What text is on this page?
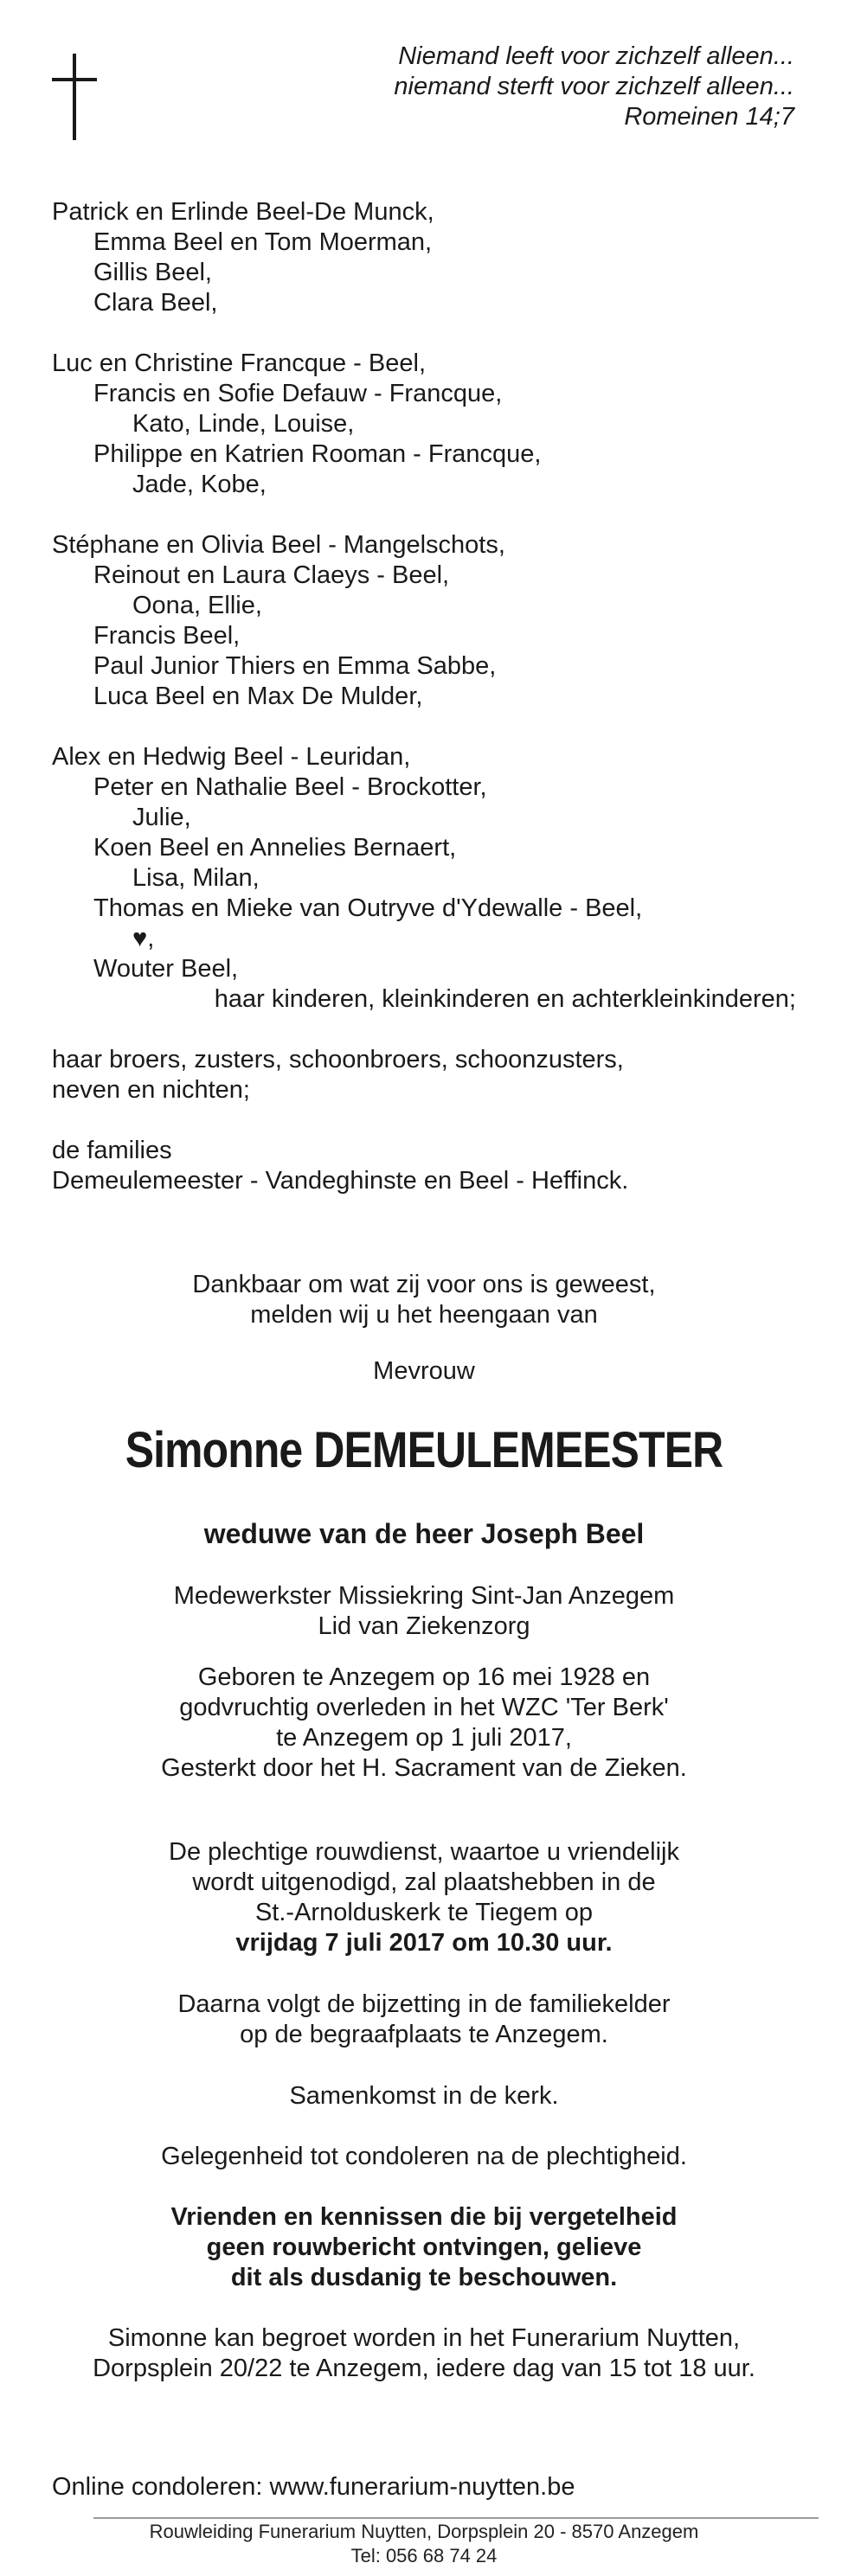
Niemand leeft voor zichzelf alleen...
niemand sterft voor zichzelf alleen...
Romeinen 14;7

Patrick en Erlinde Beel-De Munck,

Emma Beel en Tom Moerman,

Gillis Beel,

Clara Beel,

Luc en Christine Francque - Beel,

Francis en Sofie Defauw - Francque,

Kato, Linde, Louise,

Philippe en Katrien Rooman - Francque,

Jade, Kobe,

Stéphane en Olivia Beel - Mangelschots,

Reinout en Laura Claeys - Beel,

Oona, Ellie,

Francis Beel,

Paul Junior Thiers en Emma Sabbe,

Luca Beel en Max De Mulder,

Alex en Hedwig Beel - Leuridan,

Peter en Nathalie Beel - Brockotter,

Julie,

Koen Beel en Annelies Bernaert,

Lisa, Milan,

Thomas en Mieke van Outryve d'Ydewalle - Beel,

♥,

Wouter Beel,

haar kinderen, kleinkinderen en achterkleinkinderen;

haar broers, zusters, schoonbroers, schoonzusters,

neven en nichten;

de families

Demeulemeester - Vandeghinste en Beel - Heffinck.

Dankbaar om wat zij voor ons is geweest,

melden wij u het heengaan van

Mevrouw

Simonne DEMEULEMEESTER

weduwe van de heer Joseph Beel

Medewerkster Missiekring Sint-Jan Anzegem

Lid van Ziekenzorg

Geboren te Anzegem op 16 mei 1928 en

godvruchtig overleden in het WZC 'Ter Berk'

te Anzegem op 1 juli 2017,

Gesterkt door het H. Sacrament van de Zieken.

De plechtige rouwdienst, waartoe u vriendelijk

wordt uitgenodigd, zal plaatshebben in de

St.-Arnolduskerk te Tiegem op

vrijdag 7 juli 2017 om 10.30 uur.

Daarna volgt de bijzetting in de familiekelder

op de begraafplaats te Anzegem.

Samenkomst in de kerk.

Gelegenheid tot condoleren na de plechtigheid.

Vrienden en kennissen die bij vergetelheid

geen rouwbericht ontvingen, gelieve

dit als dusdanig te beschouwen.

Simonne kan begroet worden in het Funerarium Nuytten,

Dorpsplein 20/22 te Anzegem, iedere dag van 15 tot 18 uur.

Online condoleren: www.funerarium-nuytten.be
Rouwleiding Funerarium Nuytten, Dorpsplein 20 - 8570 Anzegem
Tel: 056 68 74 24
